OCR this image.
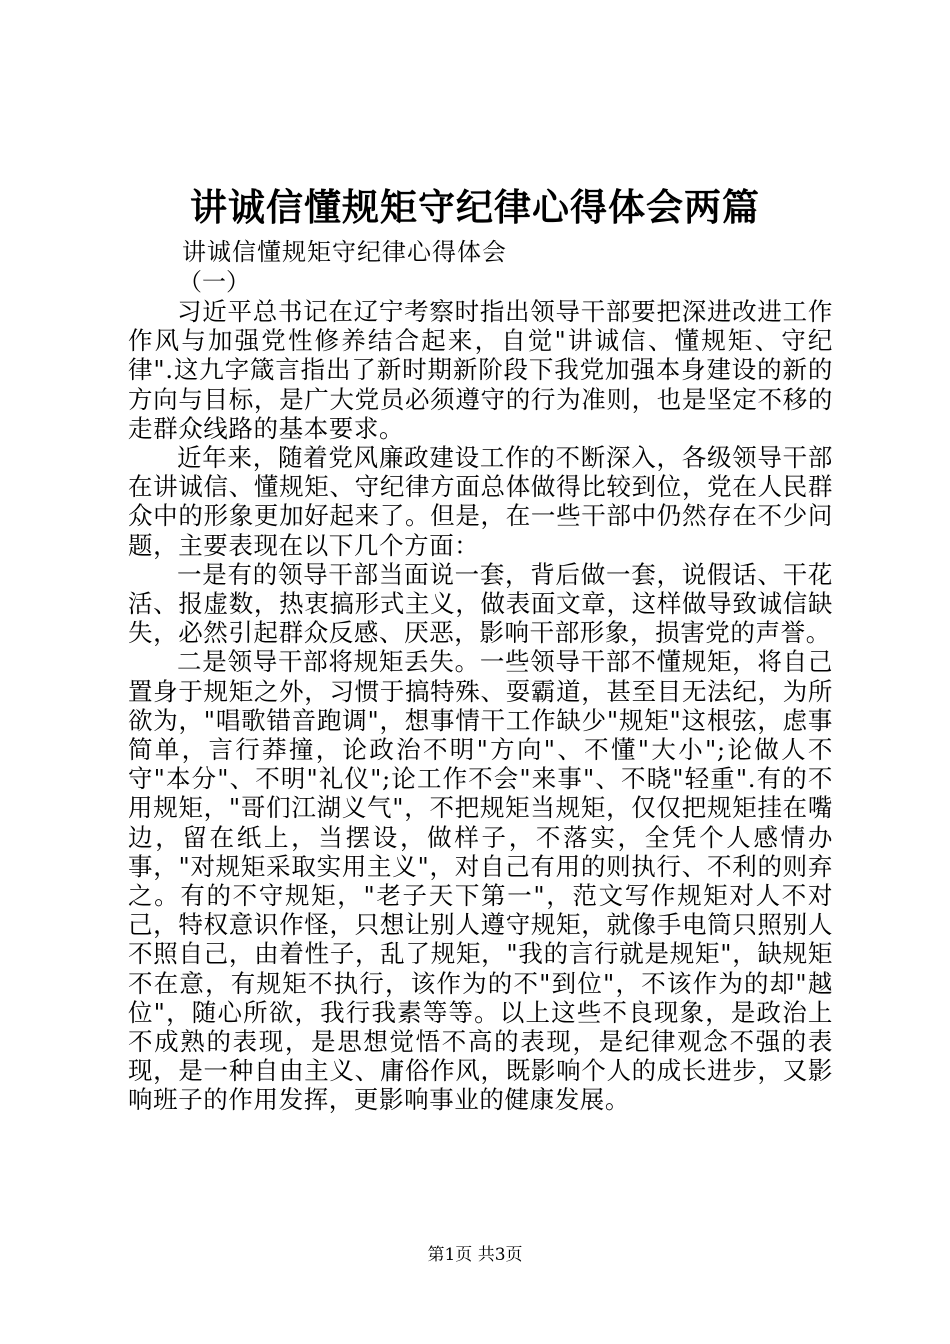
讲诚信懂规矩守纪律心得体会两篇
讲诚信懂规矩守纪律心得体会
（一）

习近平总书记在辽宁考察时指出领导干部要把深进改进工作作风与加强党性修养结合起来，自觉"讲诚信、懂规矩、守纪律".这九字箴言指出了新时期新阶段下我党加强本身建设的新的方向与目标，是广大党员必须遵守的行为准则，也是坚定不移的走群众线路的基本要求。

近年来，随着党风廉政建设工作的不断深入，各级领导干部在讲诚信、懂规矩、守纪律方面总体做得比较到位，党在人民群众中的形象更加好起来了。但是，在一些干部中仍然存在不少问题，主要表现在以下几个方面：

一是有的领导干部当面说一套，背后做一套，说假话、干花活、报虚数，热衷搞形式主义，做表面文章，这样做导致诚信缺失，必然引起群众反感、厌恶，影响干部形象，损害党的声誉。

二是领导干部将规矩丢失。一些领导干部不懂规矩，将自己置身于规矩之外，习惯于搞特殊、耍霸道，甚至目无法纪，为所欲为，"唱歌错音跑调"，想事情干工作缺少"规矩"这根弦，虑事简单，言行莽撞，论政治不明"方向"、不懂"大小";论做人不守"本分"、不明"礼仪";论工作不会"来事"、不晓"轻重".有的不用规矩，"哥们江湖义气"，不把规矩当规矩，仅仅把规矩挂在嘴边，留在纸上，当摆设，做样子，不落实，全凭个人感情办事，"对规矩采取实用主义"，对自己有用的则执行、不利的则弃之。有的不守规矩，"老子天下第一"，范文写作规矩对人不对己，特权意识作怪，只想让别人遵守规矩，就像手电筒只照别人不照自己，由着性子，乱了规矩，"我的言行就是规矩"，缺规矩不在意，有规矩不执行，该作为的不"到位"，不该作为的却"越位"，随心所欲，我行我素等等。以上这些不良现象，是政治上不成熟的表现，是思想觉悟不高的表现，是纪律观念不强的表现，是一种自由主义、庸俗作风，既影响个人的成长进步，又影响班子的作用发挥，更影响事业的健康发展。

第1页 共3页
